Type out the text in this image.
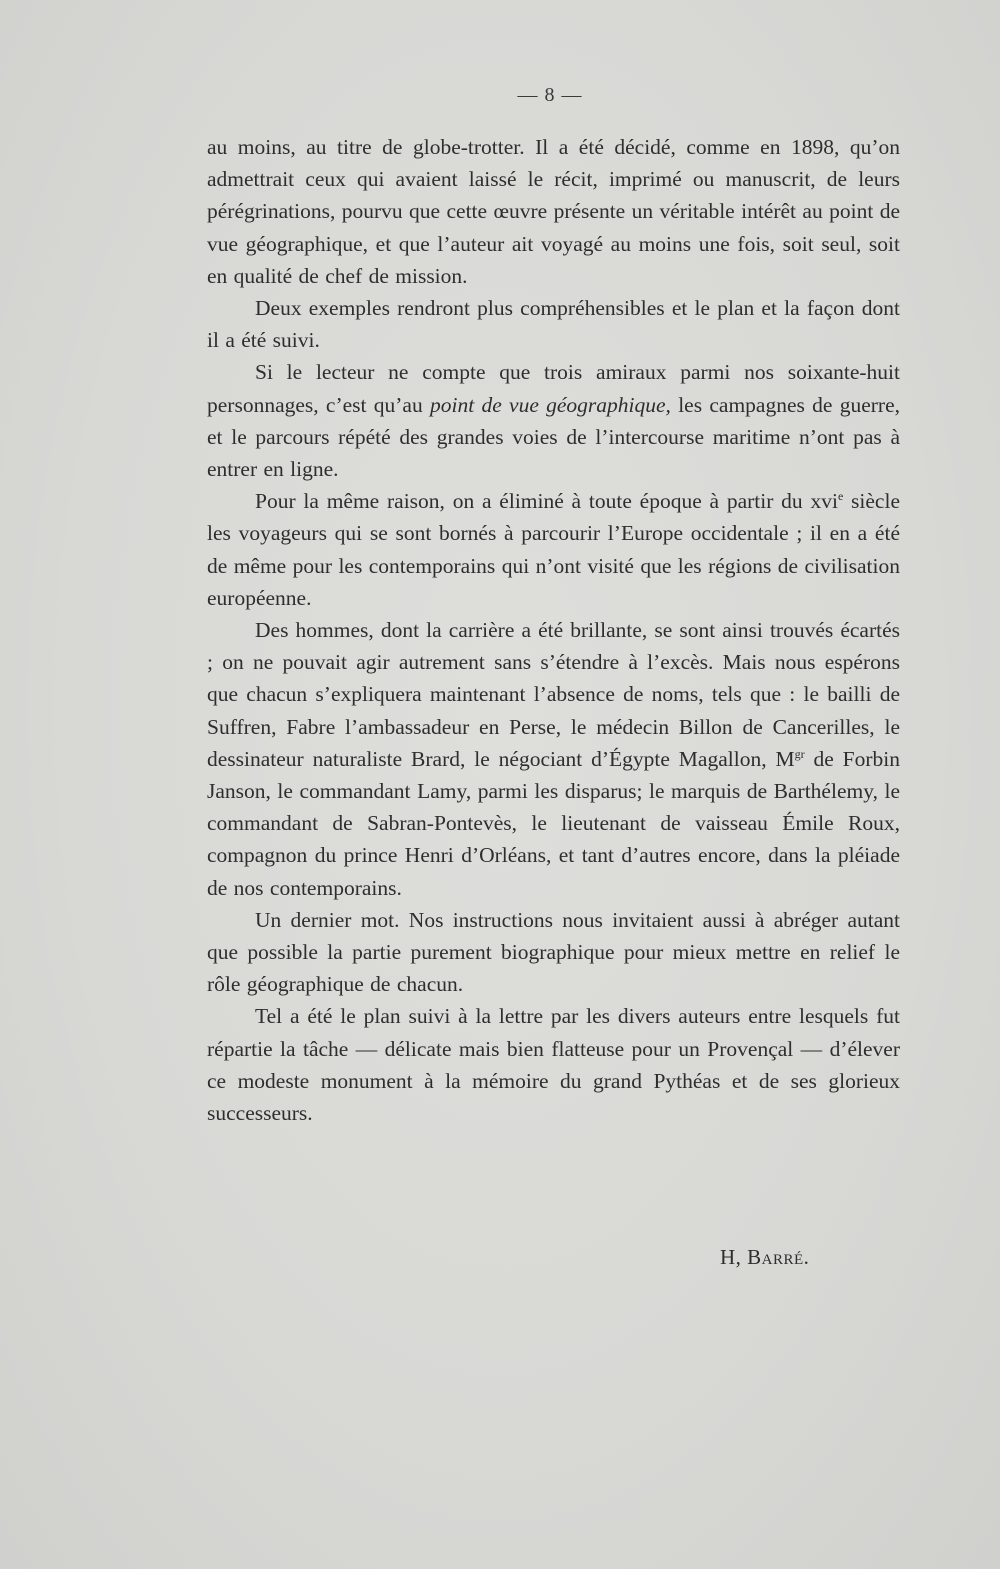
— 8 —

au moins, au titre de globe-trotter. Il a été décidé, comme en 1898, qu’on admettrait ceux qui avaient laissé le récit, imprimé ou manuscrit, de leurs pérégrinations, pourvu que cette œuvre présente un véritable intérêt au point de vue géographique, et que l’auteur ait voyagé au moins une fois, soit seul, soit en qualité de chef de mission.

Deux exemples rendront plus compréhensibles et le plan et la façon dont il a été suivi.

Si le lecteur ne compte que trois amiraux parmi nos soixante-huit personnages, c’est qu’au point de vue géographique, les campagnes de guerre, et le parcours répété des grandes voies de l’intercourse maritime n’ont pas à entrer en ligne.

Pour la même raison, on a éliminé à toute époque à partir du xvi$^e$ siècle les voyageurs qui se sont bornés à parcourir l’Europe occidentale ; il en a été de même pour les contemporains qui n’ont visité que les régions de civilisation européenne.

Des hommes, dont la carrière a été brillante, se sont ainsi trouvés écartés ; on ne pouvait agir autrement sans s’étendre à l’excès. Mais nous espérons que chacun s’expliquera maintenant l’absence de noms, tels que : le bailli de Suffren, Fabre l’ambassadeur en Perse, le médecin Billon de Cancerilles, le dessinateur naturaliste Brard, le négociant d’Égypte Magallon, $M^{gr}$ de Forbin Janson, le commandant Lamy, parmi les disparus; le marquis de Barthélemy, le commandant de Sabran-Pontevès, le lieutenant de vaisseau Émile Roux, compagnon du prince Henri d’Orléans, et tant d’autres encore, dans la pléiade de nos contemporains.

Un dernier mot. Nos instructions nous invitaient aussi à abréger autant que possible la partie purement biographique pour mieux mettre en relief le rôle géographique de chacun.

Tel a été le plan suivi à la lettre par les divers auteurs entre lesquels fut répartie la tâche — délicate mais bien flatteuse pour un Provençal — d’élever ce modeste monument à la mémoire du grand Pythéas et de ses glorieux successeurs.

H, Barré.
